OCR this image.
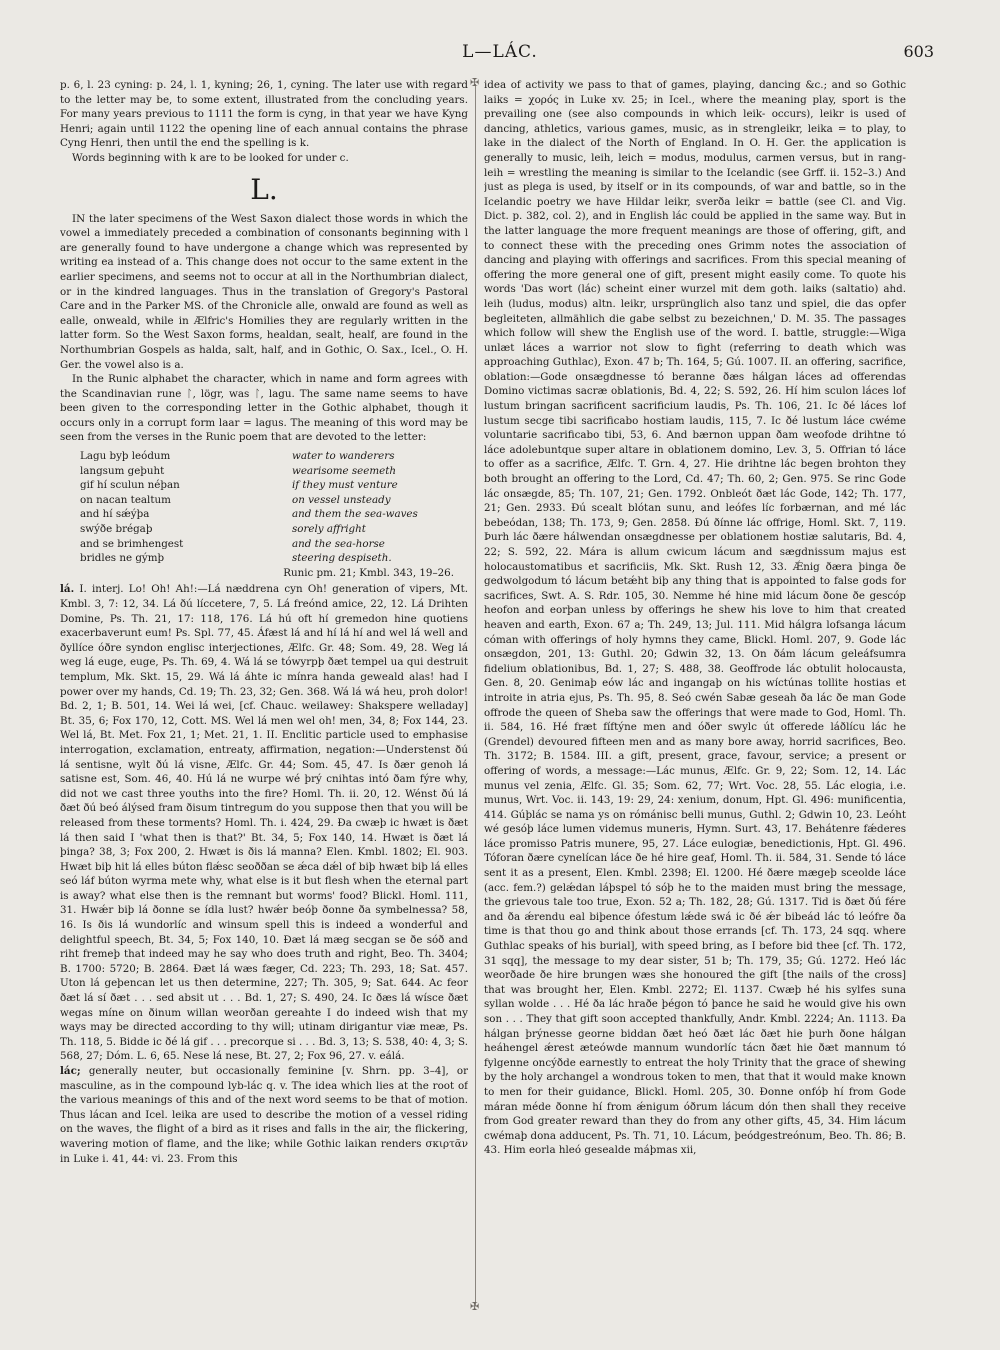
L—LÁC.	603
✠
✠

p. 6, l. 23 cyning: p. 24, l. 1, kyning; 26, 1, cyning. The later use with regard to the letter may be, to some extent, illustrated from the concluding years. For many years previous to 1111 the form is cyng, in that year we have Kyng Henri; again until 1122 the opening line of each annual contains the phrase Cyng Henri, then until the end the spelling is k.

Words beginning with k are to be looked for under c.

L.

IN the later specimens of the West Saxon dialect those words in which the vowel a immediately preceded a combination of consonants beginning with l are generally found to have undergone a change which was represented by writing ea instead of a. This change does not occur to the same extent in the earlier specimens, and seems not to occur at all in the Northumbrian dialect, or in the kindred languages. Thus in the translation of Gregory's Pastoral Care and in the Parker MS. of the Chronicle alle, onwald are found as well as ealle, onweald, while in Ælfric's Homilies they are regularly written in the latter form. So the West Saxon forms, healdan, sealt, healf, are found in the Northumbrian Gospels as halda, salt, half, and in Gothic, O. Sax., Icel., O. H. Ger. the vowel also is a.

In the Runic alphabet the character, which in name and form agrees with the Scandinavian rune ᛚ, lögr, was ᛚ, lagu. The same name seems to have been given to the corresponding letter in the Gothic alphabet, though it occurs only in a corrupt form laar = lagus. The meaning of this word may be seen from the verses in the Runic poem that are devoted to the letter:

Lagu byþ leódum	water to wanderers
langsum geþuht	wearisome seemeth
gif hí sculun néþan	if they must venture
on nacan tealtum	on vessel unsteady
and hí sǽýþa	and them the sea-waves
swýðe brégaþ	sorely affright
and se brimhengest	and the sea-horse
bridles ne gýmþ	steering despiseth.
Runic pm. 21; Kmbl. 343, 19–26.

lá. I. interj. Lo! Oh! Ah!:—Lá næddrena cyn Oh! generation of vipers, Mt. Kmbl. 3, 7: 12, 34. Lá ðú líccetere, 7, 5. Lá freónd amice, 22, 12. Lá Drihten Domine, Ps. Th. 21, 17: 118, 176. Lá hú oft hí gremedon hine quotiens exacerbaverunt eum! Ps. Spl. 77, 45. Áfæst lá and hí lá hí and wel lá well and ðyllíce óðre syndon englisc interjectiones, Ælfc. Gr. 48; Som. 49, 28. Weg lá weg lá euge, euge, Ps. Th. 69, 4. Wá lá se tówyrpþ ðæt tempel ua qui destruit templum, Mk. Skt. 15, 29. Wá lá áhte ic mínra handa geweald alas! had I power over my hands, Cd. 19; Th. 23, 32; Gen. 368. Wá lá wá heu, proh dolor! Bd. 2, 1; B. 501, 14. Wei lá wei, [cf. Chauc. weilawey: Shakspere welladay] Bt. 35, 6; Fox 170, 12, Cott. MS. Wel lá men wel oh! men, 34, 8; Fox 144, 23. Wel lá, Bt. Met. Fox 21, 1; Met. 21, 1. II. Enclitic particle used to emphasise interrogation, exclamation, entreaty, affirmation, negation:—Understenst ðú lá sentisne, wylt ðú lá visne, Ælfc. Gr. 44; Som. 45, 47. Is ðær genoh lá satisne est, Som. 46, 40. Hú lá ne wurpe wé þrý cnihtas intó ðam fýre why, did not we cast three youths into the fire? Homl. Th. ii. 20, 12. Wénst ðú lá ðæt ðú beó álýsed fram ðisum tintregum do you suppose then that you will be released from these torments? Homl. Th. i. 424, 29. Ða cwæþ ic hwæt is ðæt lá then said I 'what then is that?' Bt. 34, 5; Fox 140, 14. Hwæt is ðæt lá þinga? 38, 3; Fox 200, 2. Hwæt is ðis lá manna? Elen. Kmbl. 1802; El. 903. Hwæt biþ hit lá elles búton flǽsc seoððan se ǽca dǽl of biþ hwæt biþ lá elles seó láf búton wyrma mete why, what else is it but flesh when the eternal part is away? what else then is the remnant but worms' food? Blickl. Homl. 111, 31. Hwǽr biþ lá ðonne se ídla lust? hwǽr beóþ ðonne ða symbelnessa? 58, 16. Is ðis lá wundorlíc and winsum spell this is indeed a wonderful and delightful speech, Bt. 34, 5; Fox 140, 10. Ðæt lá mæg secgan se ðe sóð and riht fremeþ that indeed may he say who does truth and right, Beo. Th. 3404; B. 1700: 5720; B. 2864. Ðæt lá wæs fæger, Cd. 223; Th. 293, 18; Sat. 457. Uton lá geþencan let us then determine, 227; Th. 305, 9; Sat. 644. Ac feor ðæt lá sí ðæt . . . sed absit ut . . . Bd. 1, 27; S. 490, 24. Ic ðæs lá wísce ðæt wegas míne on ðinum willan weorðan gereahte I do indeed wish that my ways may be directed according to thy will; utinam dirigantur viæ meæ, Ps. Th. 118, 5. Bidde ic ðé lá gif . . . precorque si . . . Bd. 3, 13; S. 538, 40: 4, 3; S. 568, 27; Dóm. L. 6, 65. Nese lá nese, Bt. 27, 2; Fox 96, 27. v. eálá.

lác; generally neuter, but occasionally feminine [v. Shrn. pp. 3–4], or masculine, as in the compound lyb-lác q. v. The idea which lies at the root of the various meanings of this and of the next word seems to be that of motion. Thus lácan and Icel. leika are used to describe the motion of a vessel riding on the waves, the flight of a bird as it rises and falls in the air, the flickering, wavering motion of flame, and the like; while Gothic laikan renders σκιρτᾶν in Luke i. 41, 44: vi. 23. From this

idea of activity we pass to that of games, playing, dancing &c.; and so Gothic laiks = χορός in Luke xv. 25; in Icel., where the meaning play, sport is the prevailing one (see also compounds in which leik- occurs), leikr is used of dancing, athletics, various games, music, as in strengleikr, leika = to play, to lake in the dialect of the North of England. In O. H. Ger. the application is generally to music, leih, leich = modus, modulus, carmen versus, but in rang-leih = wrestling the meaning is similar to the Icelandic (see Grff. ii. 152–3.) And just as plega is used, by itself or in its compounds, of war and battle, so in the Icelandic poetry we have Hildar leikr, sverða leikr = battle (see Cl. and Vig. Dict. p. 382, col. 2), and in English lác could be applied in the same way. But in the latter language the more frequent meanings are those of offering, gift, and to connect these with the preceding ones Grimm notes the association of dancing and playing with offerings and sacrifices. From this special meaning of offering the more general one of gift, present might easily come. To quote his words 'Das wort (lác) scheint einer wurzel mit dem goth. laiks (saltatio) ahd. leih (ludus, modus) altn. leikr, ursprünglich also tanz und spiel, die das opfer begleiteten, allmählich die gabe selbst zu bezeichnen,' D. M. 35. The passages which follow will shew the English use of the word. I. battle, struggle:—Wiga unlæt láces a warrior not slow to fight (referring to death which was approaching Guthlac), Exon. 47 b; Th. 164, 5; Gú. 1007. II. an offering, sacrifice, oblation:—Gode onsægdnesse tó beranne ðæs hálgan láces ad offerendas Domino victimas sacræ oblationis, Bd. 4, 22; S. 592, 26. Hí him sculon láces lof lustum bringan sacrificent sacrificium laudis, Ps. Th. 106, 21. Ic ðé láces lof lustum secge tibi sacrificabo hostiam laudis, 115, 7. Ic ðé lustum láce cwéme voluntarie sacrificabo tibi, 53, 6. And bærnon uppan ðam weofode drihtne tó láce adolebuntque super altare in oblationem domino, Lev. 3, 5. Offrian tó láce to offer as a sacrifice, Ælfc. T. Grn. 4, 27. Hie drihtne lác begen brohton they both brought an offering to the Lord, Cd. 47; Th. 60, 2; Gen. 975. Se rinc Gode lác onsægde, 85; Th. 107, 21; Gen. 1792. Onbleót ðæt lác Gode, 142; Th. 177, 21; Gen. 2933. Ðú scealt blótan sunu, and leófes líc forbærnan, and mé lác bebeódan, 138; Th. 173, 9; Gen. 2858. Ðú ðínne lác offrige, Homl. Skt. 7, 119. Þurh lác ðære hálwendan onsægdnesse per oblationem hostiæ salutaris, Bd. 4, 22; S. 592, 22. Mára is allum cwicum lácum and sægdnissum majus est holocaustomatibus et sacrificiis, Mk. Skt. Rush 12, 33. Ǽnig ðæra þinga ðe gedwolgodum tó lácum betǽht biþ any thing that is appointed to false gods for sacrifices, Swt. A. S. Rdr. 105, 30. Nemme hé hine mid lácum ðone ðe gescóp heofon and eorþan unless by offerings he shew his love to him that created heaven and earth, Exon. 67 a; Th. 249, 13; Jul. 111. Mid hálgra lofsanga lácum cóman with offerings of holy hymns they came, Blickl. Homl. 207, 9. Gode lác onsægdon, 201, 13: Guthl. 20; Gdwin 32, 13. On ðám lácum geleáfsumra fidelium oblationibus, Bd. 1, 27; S. 488, 38. Geoffrode lác obtulit holocausta, Gen. 8, 20. Genimaþ eów lác and ingangaþ on his wíctúnas tollite hostias et introite in atria ejus, Ps. Th. 95, 8. Seó cwén Sabæ geseah ða lác ðe man Gode offrode the queen of Sheba saw the offerings that were made to God, Homl. Th. ii. 584, 16. Hé fræt fíftýne men and óðer swylc út offerede láðlícu lác he (Grendel) devoured fifteen men and as many bore away, horrid sacrifices, Beo. Th. 3172; B. 1584. III. a gift, present, grace, favour, service; a present or offering of words, a message:—Lác munus, Ælfc. Gr. 9, 22; Som. 12, 14. Lác munus vel zenia, Ælfc. Gl. 35; Som. 62, 77; Wrt. Voc. 28, 55. Lác elogia, i.e. munus, Wrt. Voc. ii. 143, 19: 29, 24: xenium, donum, Hpt. Gl. 496: munificentia, 414. Gúþlác se nama ys on rómánisc belli munus, Guthl. 2; Gdwin 10, 23. Leóht wé gesóþ láce lumen videmus muneris, Hymn. Surt. 43, 17. Behátenre fǽderes láce promisso Patris munere, 95, 27. Láce eulogiæ, benedictionis, Hpt. Gl. 496. Tóforan ðære cynelícan láce ðe hé hire geaf, Homl. Th. ii. 584, 31. Sende tó láce sent it as a present, Elen. Kmbl. 2398; El. 1200. Hé ðære mægeþ sceolde lácе (acc. fem.?) gelǽdan láþspel tó sóþ he to the maiden must bring the message, the grievous tale too true, Exon. 52 a; Th. 182, 28; Gú. 1317. Tid is ðæt ðú fére and ða ǽrendu eal biþence ófestum lǽde swá ic ðé ǽr bibeád lác tó leófre ða time is that thou go and think about those errands [cf. Th. 173, 24 sqq. where Guthlac speaks of his burial], with speed bring, as I before bid thee [cf. Th. 172, 31 sqq], the message to my dear sister, 51 b; Th. 179, 35; Gú. 1272. Heó lác weorðade ðe hire brungen wæs she honoured the gift [the nails of the cross] that was brought her, Elen. Kmbl. 2272; El. 1137. Cwæþ hé his sylfes suna syllan wolde . . . Hé ða lác hraðe þégon tó þance he said he would give his own son . . . They that gift soon accepted thankfully, Andr. Kmbl. 2224; An. 1113. Ða hálgan þrýnesse georne biddan ðæt heó ðæt lác ðæt hie þurh ðone hálgan heáhengel ǽrest æteówde mannum wundorlíc tácn ðæt hie ðæt mannum tó fylgenne oncýðde earnestly to entreat the holy Trinity that the grace of shewing by the holy archangel a wondrous token to men, that that it would make known to men for their guidance, Blickl. Homl. 205, 30. Ðonne onfóþ hí from Gode máran méde ðonne hí from ǽnigum óðrum lácum dón then shall they receive from God greater reward than they do from any other gifts, 45, 34. Him lácum cwémaþ dona adducent, Ps. Th. 71, 10. Lácum, þeódgestreónum, Beo. Th. 86; B. 43. Him eorla hleó gesealde máþmas xii,
